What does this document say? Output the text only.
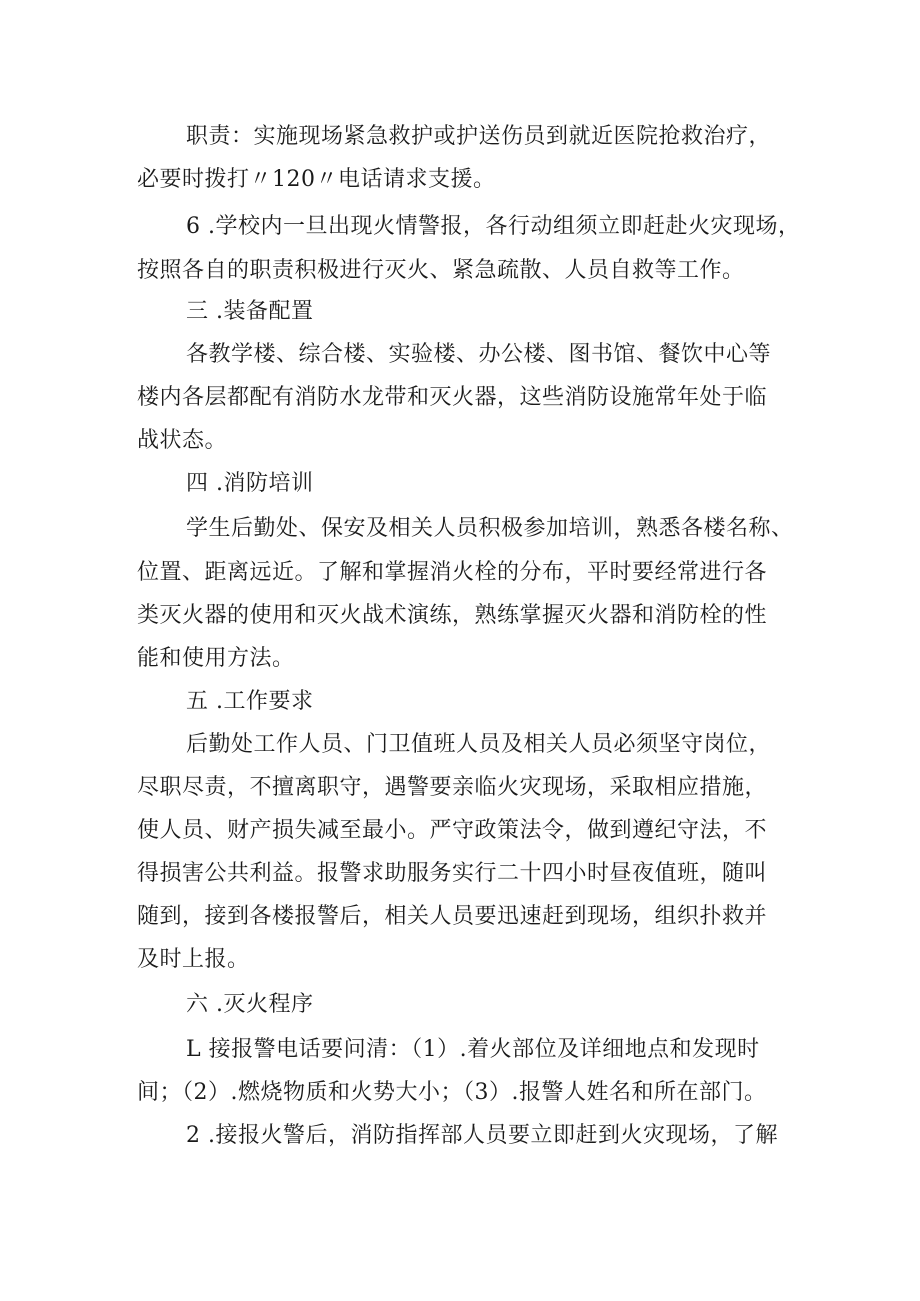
职责：实施现场紧急救护或护送伤员到就近医院抢救治疗，
必要时拨打〃120〃电话请求支援。
6 .学校内一旦出现火情警报，各行动组须立即赶赴火灾现场，
按照各自的职责积极进行灭火、紧急疏散、人员自救等工作。
三 .装备配置
各教学楼、综合楼、实验楼、办公楼、图书馆、餐饮中心等
楼内各层都配有消防水龙带和灭火器，这些消防设施常年处于临
战状态。
四 .消防培训
学生后勤处、保安及相关人员积极参加培训，熟悉各楼名称、
位置、距离远近。了解和掌握消火栓的分布，平时要经常进行各
类灭火器的使用和灭火战术演练，熟练掌握灭火器和消防栓的性
能和使用方法。
五 .工作要求
后勤处工作人员、门卫值班人员及相关人员必须坚守岗位，
尽职尽责，不擅离职守，遇警要亲临火灾现场，采取相应措施，
使人员、财产损失减至最小。严守政策法令，做到遵纪守法，不
得损害公共利益。报警求助服务实行二十四小时昼夜值班，随叫
随到，接到各楼报警后，相关人员要迅速赶到现场，组织扑救并
及时上报。
六 .灭火程序
L 接报警电话要问清：（1）.着火部位及详细地点和发现时
间；（2）.燃烧物质和火势大小；（3）.报警人姓名和所在部门。
2 .接报火警后，消防指挥部人员要立即赶到火灾现场，了解
